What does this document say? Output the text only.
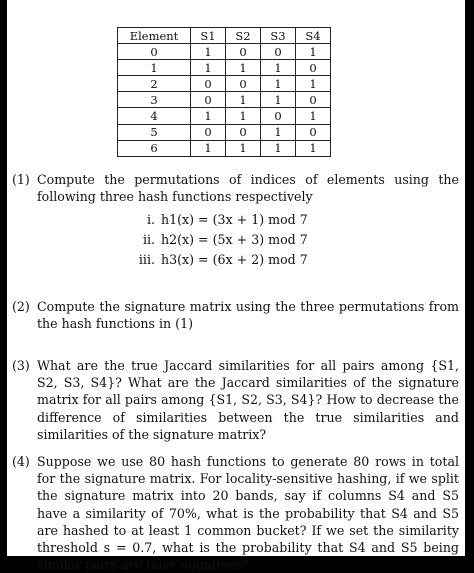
Element	S1	S2	S3	S4
0	1	0	0	1
1	1	1	1	0
2	0	0	1	1
3	0	1	1	0
4	1	1	0	1
5	0	0	1	0
6	1	1	1	1
(1) Compute the permutations of indices of elements using the following three hash functions respectively
i. h1(x) = (3x + 1) mod 7
ii. h2(x) = (5x + 3) mod 7
iii. h3(x) = (6x + 2) mod 7
(2) Compute the signature matrix using the three permutations from the hash functions in (1)
(3) What are the true Jaccard similarities for all pairs among {S1, S2, S3, S4}? What are the Jaccard similarities of the signature matrix for all pairs among {S1, S2, S3, S4}? How to decrease the difference of similarities between the true similarities and similarities of the signature matrix?
(4) Suppose we use 80 hash functions to generate 80 rows in total for the signature matrix. For locality-sensitive hashing, if we split the signature matrix into 20 bands, say if columns S4 and S5 have a similarity of 70%, what is the probability that S4 and S5 are hashed to at least 1 common bucket? If we set the similarity threshold s = 0.7, what is the probability that S4 and S5 being similar pairs are false negatives?
